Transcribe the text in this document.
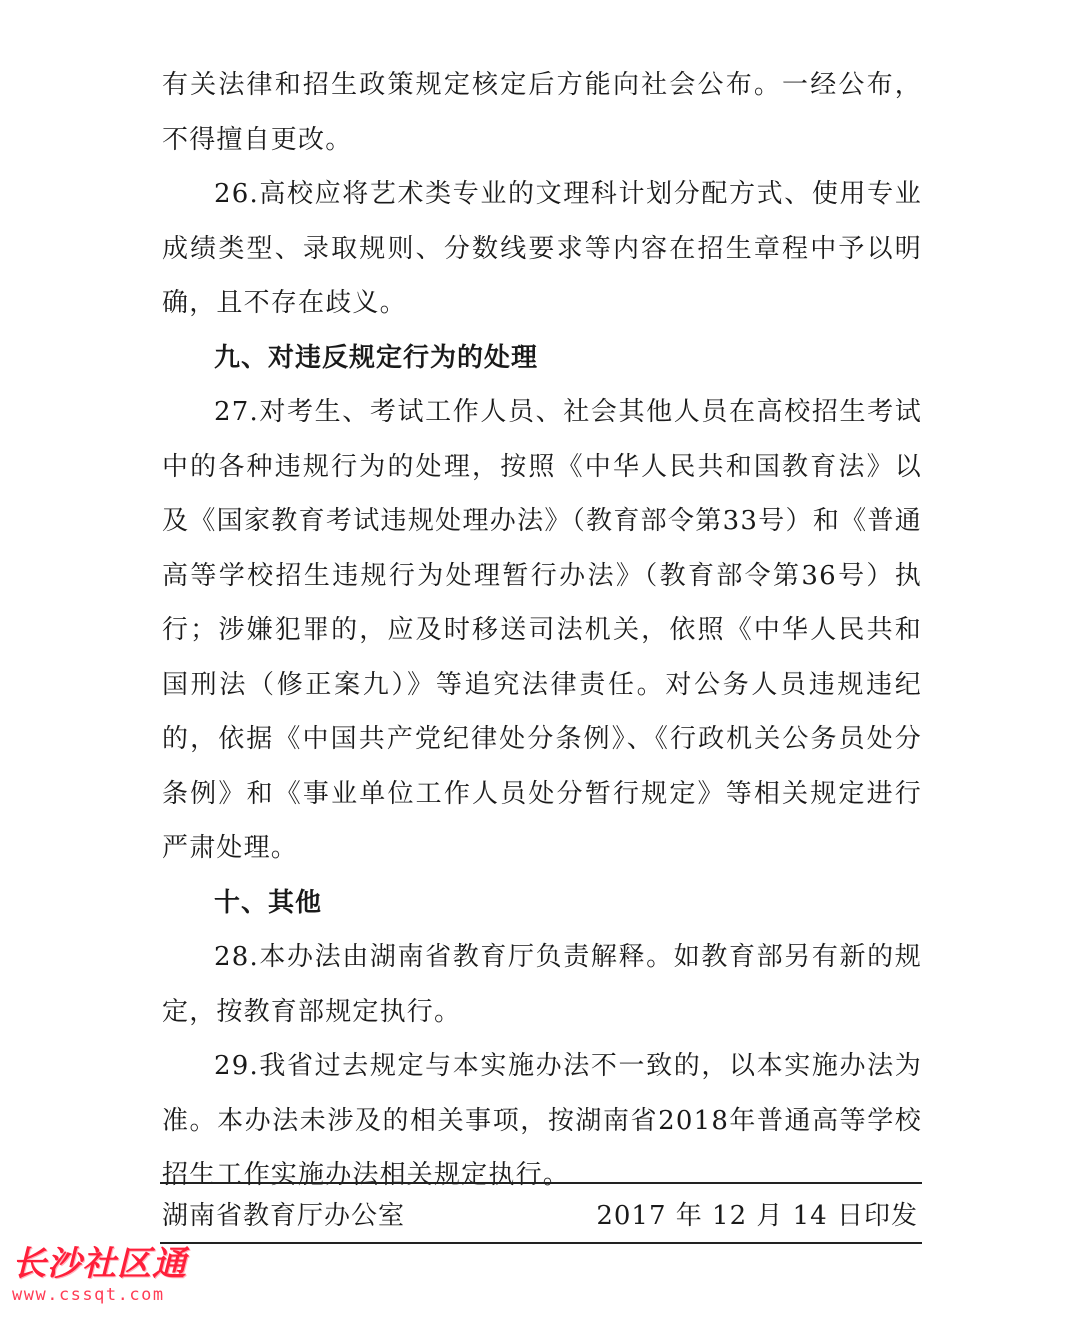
有关法律和招生政策规定核定后方能向社会公布。一经公布，不得擅自更改。

26.高校应将艺术类专业的文理科计划分配方式、使用专业成绩类型、录取规则、分数线要求等内容在招生章程中予以明确，且不存在歧义。

九、对违反规定行为的处理

27.对考生、考试工作人员、社会其他人员在高校招生考试中的各种违规行为的处理，按照《中华人民共和国教育法》以及《国家教育考试违规处理办法》（教育部令第33号）和《普通高等学校招生违规行为处理暂行办法》（教育部令第36号）执行；涉嫌犯罪的，应及时移送司法机关，依照《中华人民共和国刑法（修正案九）》等追究法律责任。对公务人员违规违纪的，依据《中国共产党纪律处分条例》、《行政机关公务员处分条例》和《事业单位工作人员处分暂行规定》等相关规定进行严肃处理。

十、其他

28.本办法由湖南省教育厅负责解释。如教育部另有新的规定，按教育部规定执行。

29.我省过去规定与本实施办法不一致的，以本实施办法为准。本办法未涉及的相关事项，按湖南省2018年普通高等学校招生工作实施办法相关规定执行。

湖南省教育厅办公室	2017 年 12 月 14 日印发
长沙社区通
www.cssqt.com
